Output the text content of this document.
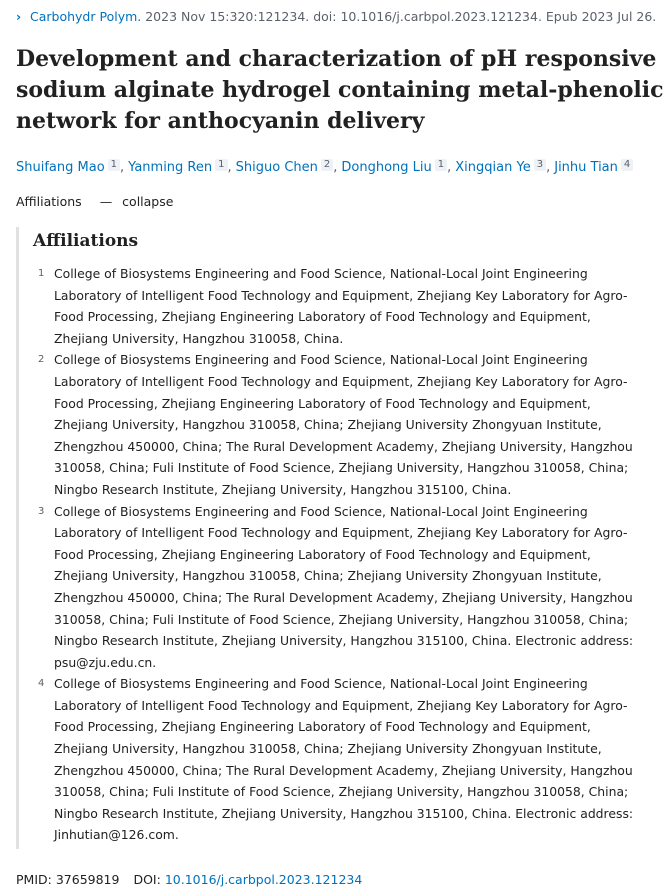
› Carbohydr Polym. 2023 Nov 15:320:121234. doi: 10.1016/j.carbpol.2023.121234. Epub 2023 Jul 26.
Development and characterization of pH responsive sodium alginate hydrogel containing metal-phenolic network for anthocyanin delivery
Shuifang Mao 1 , Yanming Ren 1 , Shiguo Chen 2 , Donghong Liu 1 , Xingqian Ye 3 , Jinhu Tian 4
Affiliations — collapse
Affiliations
1 College of Biosystems Engineering and Food Science, National-Local Joint Engineering
Laboratory of Intelligent Food Technology and Equipment, Zhejiang Key Laboratory for Agro-
Food Processing, Zhejiang Engineering Laboratory of Food Technology and Equipment,
Zhejiang University, Hangzhou 310058, China.
2 College of Biosystems Engineering and Food Science, National-Local Joint Engineering
Laboratory of Intelligent Food Technology and Equipment, Zhejiang Key Laboratory for Agro-
Food Processing, Zhejiang Engineering Laboratory of Food Technology and Equipment,
Zhejiang University, Hangzhou 310058, China; Zhejiang University Zhongyuan Institute,
Zhengzhou 450000, China; The Rural Development Academy, Zhejiang University, Hangzhou
310058, China; Fuli Institute of Food Science, Zhejiang University, Hangzhou 310058, China;
Ningbo Research Institute, Zhejiang University, Hangzhou 315100, China.
3 College of Biosystems Engineering and Food Science, National-Local Joint Engineering
Laboratory of Intelligent Food Technology and Equipment, Zhejiang Key Laboratory for Agro-
Food Processing, Zhejiang Engineering Laboratory of Food Technology and Equipment,
Zhejiang University, Hangzhou 310058, China; Zhejiang University Zhongyuan Institute,
Zhengzhou 450000, China; The Rural Development Academy, Zhejiang University, Hangzhou
310058, China; Fuli Institute of Food Science, Zhejiang University, Hangzhou 310058, China;
Ningbo Research Institute, Zhejiang University, Hangzhou 315100, China. Electronic address:
psu@zju.edu.cn.
4 College of Biosystems Engineering and Food Science, National-Local Joint Engineering
Laboratory of Intelligent Food Technology and Equipment, Zhejiang Key Laboratory for Agro-
Food Processing, Zhejiang Engineering Laboratory of Food Technology and Equipment,
Zhejiang University, Hangzhou 310058, China; Zhejiang University Zhongyuan Institute,
Zhengzhou 450000, China; The Rural Development Academy, Zhejiang University, Hangzhou
310058, China; Fuli Institute of Food Science, Zhejiang University, Hangzhou 310058, China;
Ningbo Research Institute, Zhejiang University, Hangzhou 315100, China. Electronic address:
Jinhutian@126.com.
PMID: 37659819 DOI: 10.1016/j.carbpol.2023.121234
